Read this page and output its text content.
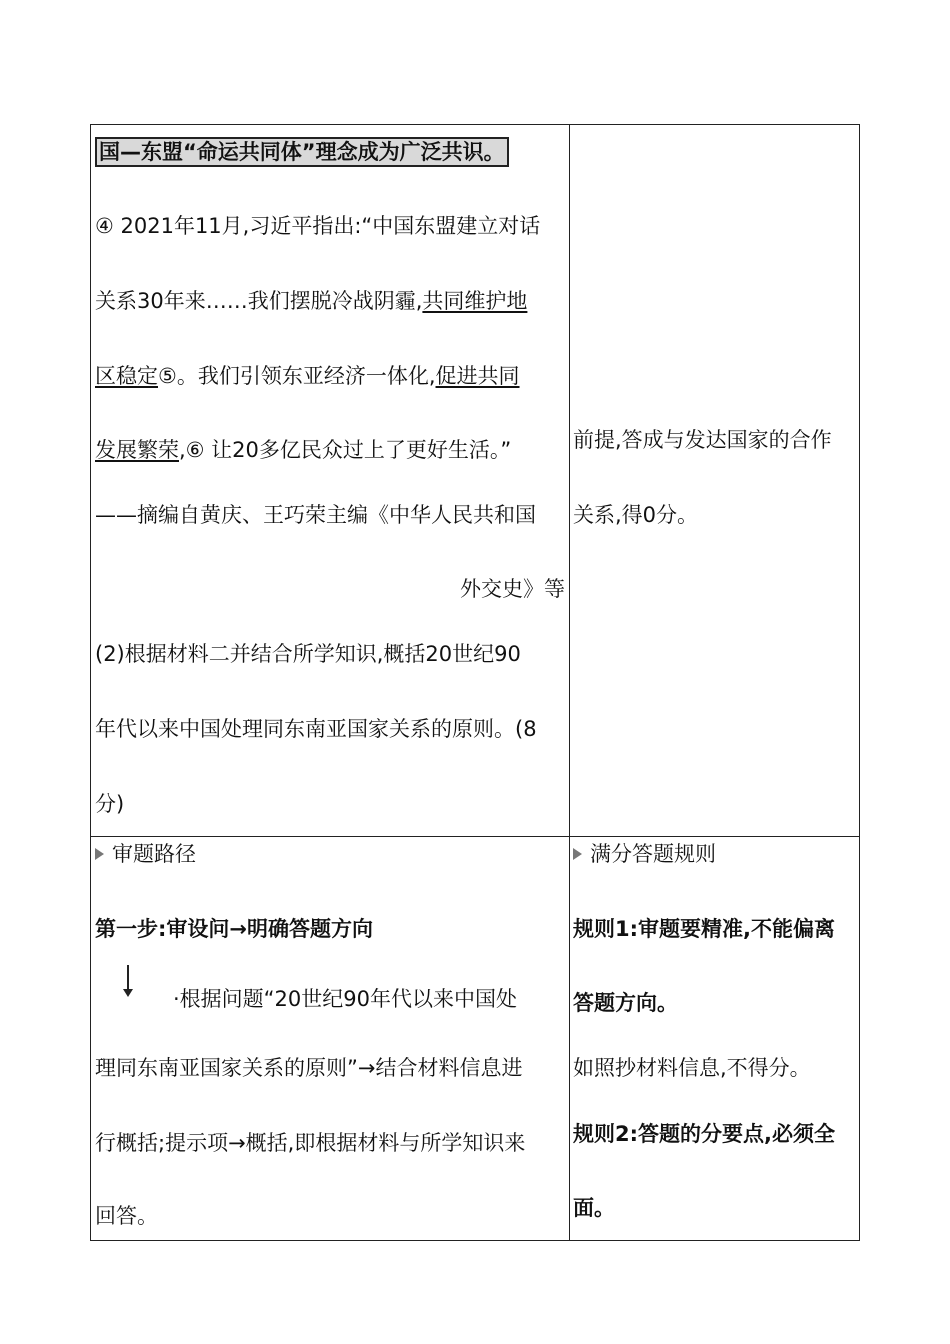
国—东盟“命运共同体”理念成为广泛共识。
④ 2021年11月,习近平指出:“中国东盟建立对话
关系30年来……我们摆脱冷战阴霾,共同维护地
区稳定⑤。我们引领东亚经济一体化,促进共同
发展繁荣,⑥ 让20多亿民众过上了更好生活。”
——摘编自黄庆、王巧荣主编《中华人民共和国
外交史》等
(2)根据材料二并结合所学知识,概括20世纪90
年代以来中国处理同东南亚国家关系的原则。(8
分)
前提,答成与发达国家的合作
关系,得0分。
审题路径
第一步:审设问→明确答题方向
·根据问题“20世纪90年代以来中国处
理同东南亚国家关系的原则”→结合材料信息进
行概括;提示项→概括,即根据材料与所学知识来
回答。
满分答题规则
规则1:审题要精准,不能偏离
答题方向。
如照抄材料信息,不得分。
规则2:答题的分要点,必须全
面。
